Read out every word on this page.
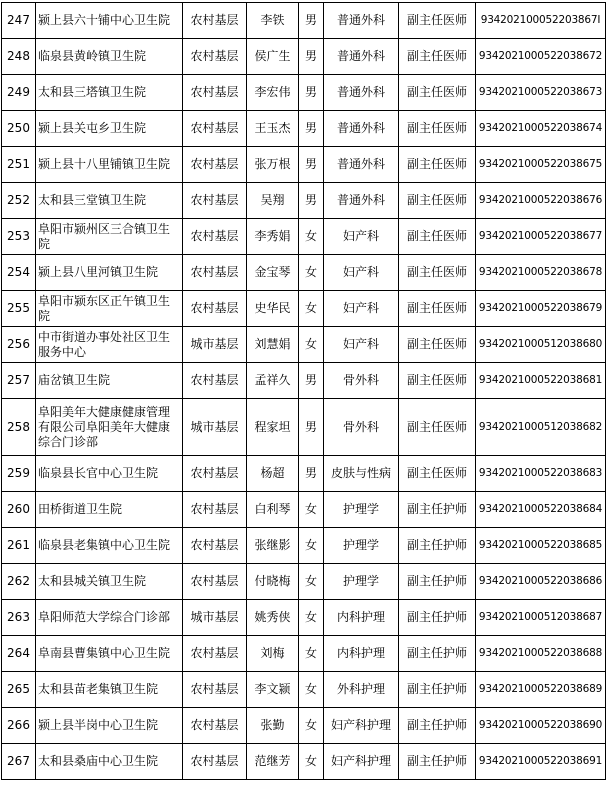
247	颍上县六十铺中心卫生院	农村基层	李铁	男	普通外科	副主任医师	934202100052203867I
248	临泉县黄岭镇卫生院	农村基层	侯广生	男	普通外科	副主任医师	9342021000522038672
249	太和县三塔镇卫生院	农村基层	李宏伟	男	普通外科	副主任医师	9342021000522038673
250	颍上县关屯乡卫生院	农村基层	王玉杰	男	普通外科	副主任医师	9342021000522038674
251	颍上县十八里铺镇卫生院	农村基层	张万根	男	普通外科	副主任医师	9342021000522038675
252	太和县三堂镇卫生院	农村基层	吴翔	男	普通外科	副主任医师	9342021000522038676
253	阜阳市颍州区三合镇卫生院	农村基层	李秀娟	女	妇产科	副主任医师	9342021000522038677
254	颍上县八里河镇卫生院	农村基层	金宝琴	女	妇产科	副主任医师	9342021000522038678
255	阜阳市颍东区正午镇卫生院	农村基层	史华民	女	妇产科	副主任医师	9342021000522038679
256	中市街道办事处社区卫生服务中心	城市基层	刘慧娟	女	妇产科	副主任医师	9342021000512038680
257	庙岔镇卫生院	农村基层	孟祥久	男	骨外科	副主任医师	9342021000522038681
258	阜阳美年大健康健康管理有限公司阜阳美年大健康综合门诊部	城市基层	程家坦	男	骨外科	副主任医师	9342021000512038682
259	临泉县长官中心卫生院	农村基层	杨超	男	皮肤与性病	副主任医师	9342021000522038683
260	田桥街道卫生院	农村基层	白利琴	女	护理学	副主任护师	9342021000522038684
261	临泉县老集镇中心卫生院	农村基层	张继影	女	护理学	副主任护师	9342021000522038685
262	太和县城关镇卫生院	农村基层	付晓梅	女	护理学	副主任护师	9342021000522038686
263	阜阳师范大学综合门诊部	城市基层	姚秀侠	女	内科护理	副主任护师	9342021000512038687
264	阜南县曹集镇中心卫生院	农村基层	刘梅	女	内科护理	副主任护师	9342021000522038688
265	太和县苗老集镇卫生院	农村基层	李文颍	女	外科护理	副主任护师	9342021000522038689
266	颍上县半岗中心卫生院	农村基层	张勤	女	妇产科护理	副主任护师	9342021000522038690
267	太和县桑庙中心卫生院	农村基层	范继芳	女	妇产科护理	副主任护师	9342021000522038691
